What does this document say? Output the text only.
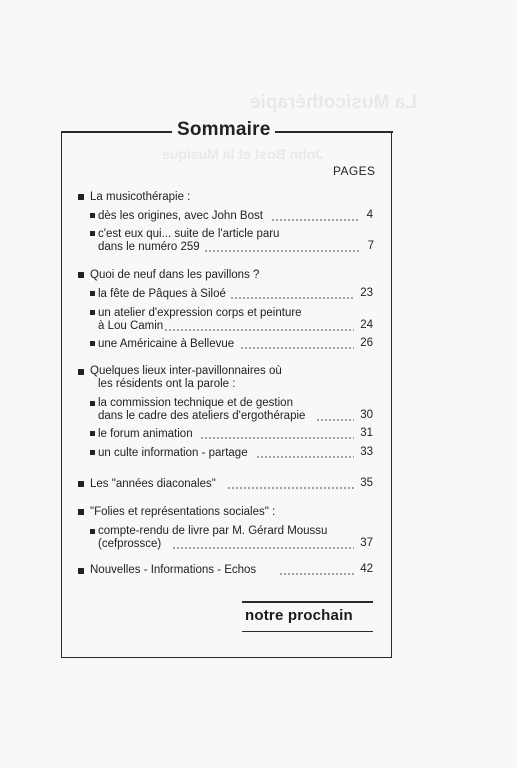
La Musicothérapie
John Bost et la Musique
Sommaire
PAGES
La musicothérapie :
dès les origines, avec John Bost	4
c'est eux qui... suite de l'article paru
dans le numéro 259	7
Quoi de neuf dans les pavillons ?
la fête de Pâques à Siloé	23
un atelier d'expression corps et peinture
à Lou Camin	24
une Américaine à Bellevue	26
Quelques lieux inter-pavillonnaires où
les résidents ont la parole :
la commission technique et de gestion
dans le cadre des ateliers d'ergothérapie	30
le forum animation	31
un culte information - partage	33
Les "années diaconales"	35
"Folies et représentations sociales" :
compte-rendu de livre par M. Gérard Moussu
(cefprossce)	37
Nouvelles - Informations - Echos	42
notre prochain
